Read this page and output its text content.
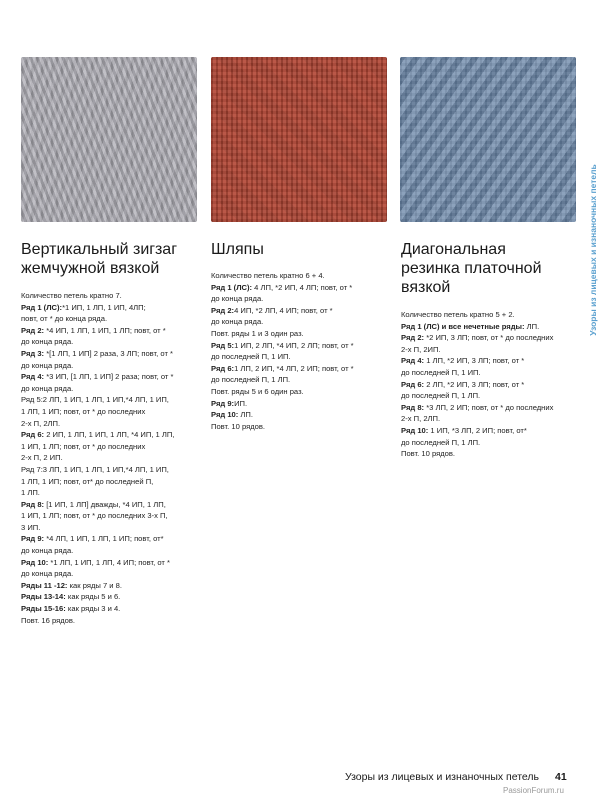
Вертикальный зигзаг жемчужной вязкой

Количество петель кратно 7.

Ряд 1 (ЛС):*1 ИП, 1 ЛП, 1 ИП, 4ЛП;

повт, от * до конца ряда.

Ряд 2: *4 ИП, 1 ЛП, 1 ИП, 1 ЛП; повт, от *

до конца ряда.

Ряд 3: *[1 ЛП, 1 ИП] 2 раза, 3 ЛП; повт, от *

до конца ряда.

Ряд 4: *3 ИП, [1 ЛП, 1 ИП] 2 раза; повт, от *

до конца ряда.

Ряд 5:2 ЛП, 1 ИП, 1 ЛП, 1 ИП,*4 ЛП, 1 ИП,

1 ЛП, 1 ИП; повт, от * до последних

2-х П, 2ЛП.

Ряд 6: 2 ИП, 1 ЛП, 1 ИП, 1 ЛП, *4 ИП, 1 ЛП,

1 ИП, 1 ЛП; повт, от * до последних

2-х П, 2 ИП.

Ряд 7:3 ЛП, 1 ИП, 1 ЛП, 1 ИП,*4 ЛП, 1 ИП,

1 ЛП, 1 ИП; повт, от* до последней П,

1 ЛП.

Ряд 8: [1 ИП, 1 ЛП] дважды, *4 ИП, 1 ЛП,

1 ИП, 1 ЛП; повт, от * до последних 3-х П,

3 ИП.

Ряд 9: *4 ЛП, 1 ИП, 1 ЛП, 1 ИП; повт, от*

до конца ряда.

Ряд 10: *1 ЛП, 1 ИП, 1 ЛП, 4 ИП; повт, от *

до конца ряда.

Ряды 11 -12: как ряды 7 и 8.

Ряды 13-14: как ряды 5 и 6.

Ряды 15-16: как ряды 3 и 4.

Повт. 16 рядов.

Шляпы

Количество петель кратно 6 + 4.

Ряд 1 (ЛС): 4 ЛП, *2 ИП, 4 ЛП; повт, от *

до конца ряда.

Ряд 2:4 ИП, *2 ЛП, 4 ИП; повт, от *

до конца ряда.

Повт. ряды 1 и 3 один раз.

Ряд 5:1 ИП, 2 ЛП, *4 ИП, 2 ЛП; повт, от *

до последней П, 1 ИП.

Ряд 6:1 ЛП, 2 ИП, *4 ЛП, 2 ИП; повт, от *

до последней П, 1 ЛП.

Повт. ряды 5 и 6 один раз.

Ряд 9:ИП.

Ряд 10: ЛП.

Повт. 10 рядов.

Диагональная резинка платочной вязкой

Количество петель кратно 5 + 2.

Ряд 1 (ЛС) и все нечетные ряды: ЛП.

Ряд 2: *2 ИП, 3 ЛП; повт, от * до последних

2-х П, 2ИП.

Ряд 4: 1 ЛП, *2 ИП, 3 ЛП; повт, от *

до последней П, 1 ИП.

Ряд 6: 2 ЛП, *2 ИП, 3 ЛП; повт, от *

до последней П, 1 ЛП.

Ряд 8: *3 ЛП, 2 ИП; повт, от * до последних

2-х П, 2ЛП.

Ряд 10: 1 ИП, *3 ЛП, 2 ИП; повт, от*

до последней П, 1 ЛП.

Повт. 10 рядов.

Узоры из лицевых и изнаночных петель
Узоры из лицевых и изнаночных петель 41
PassionForum.ru
